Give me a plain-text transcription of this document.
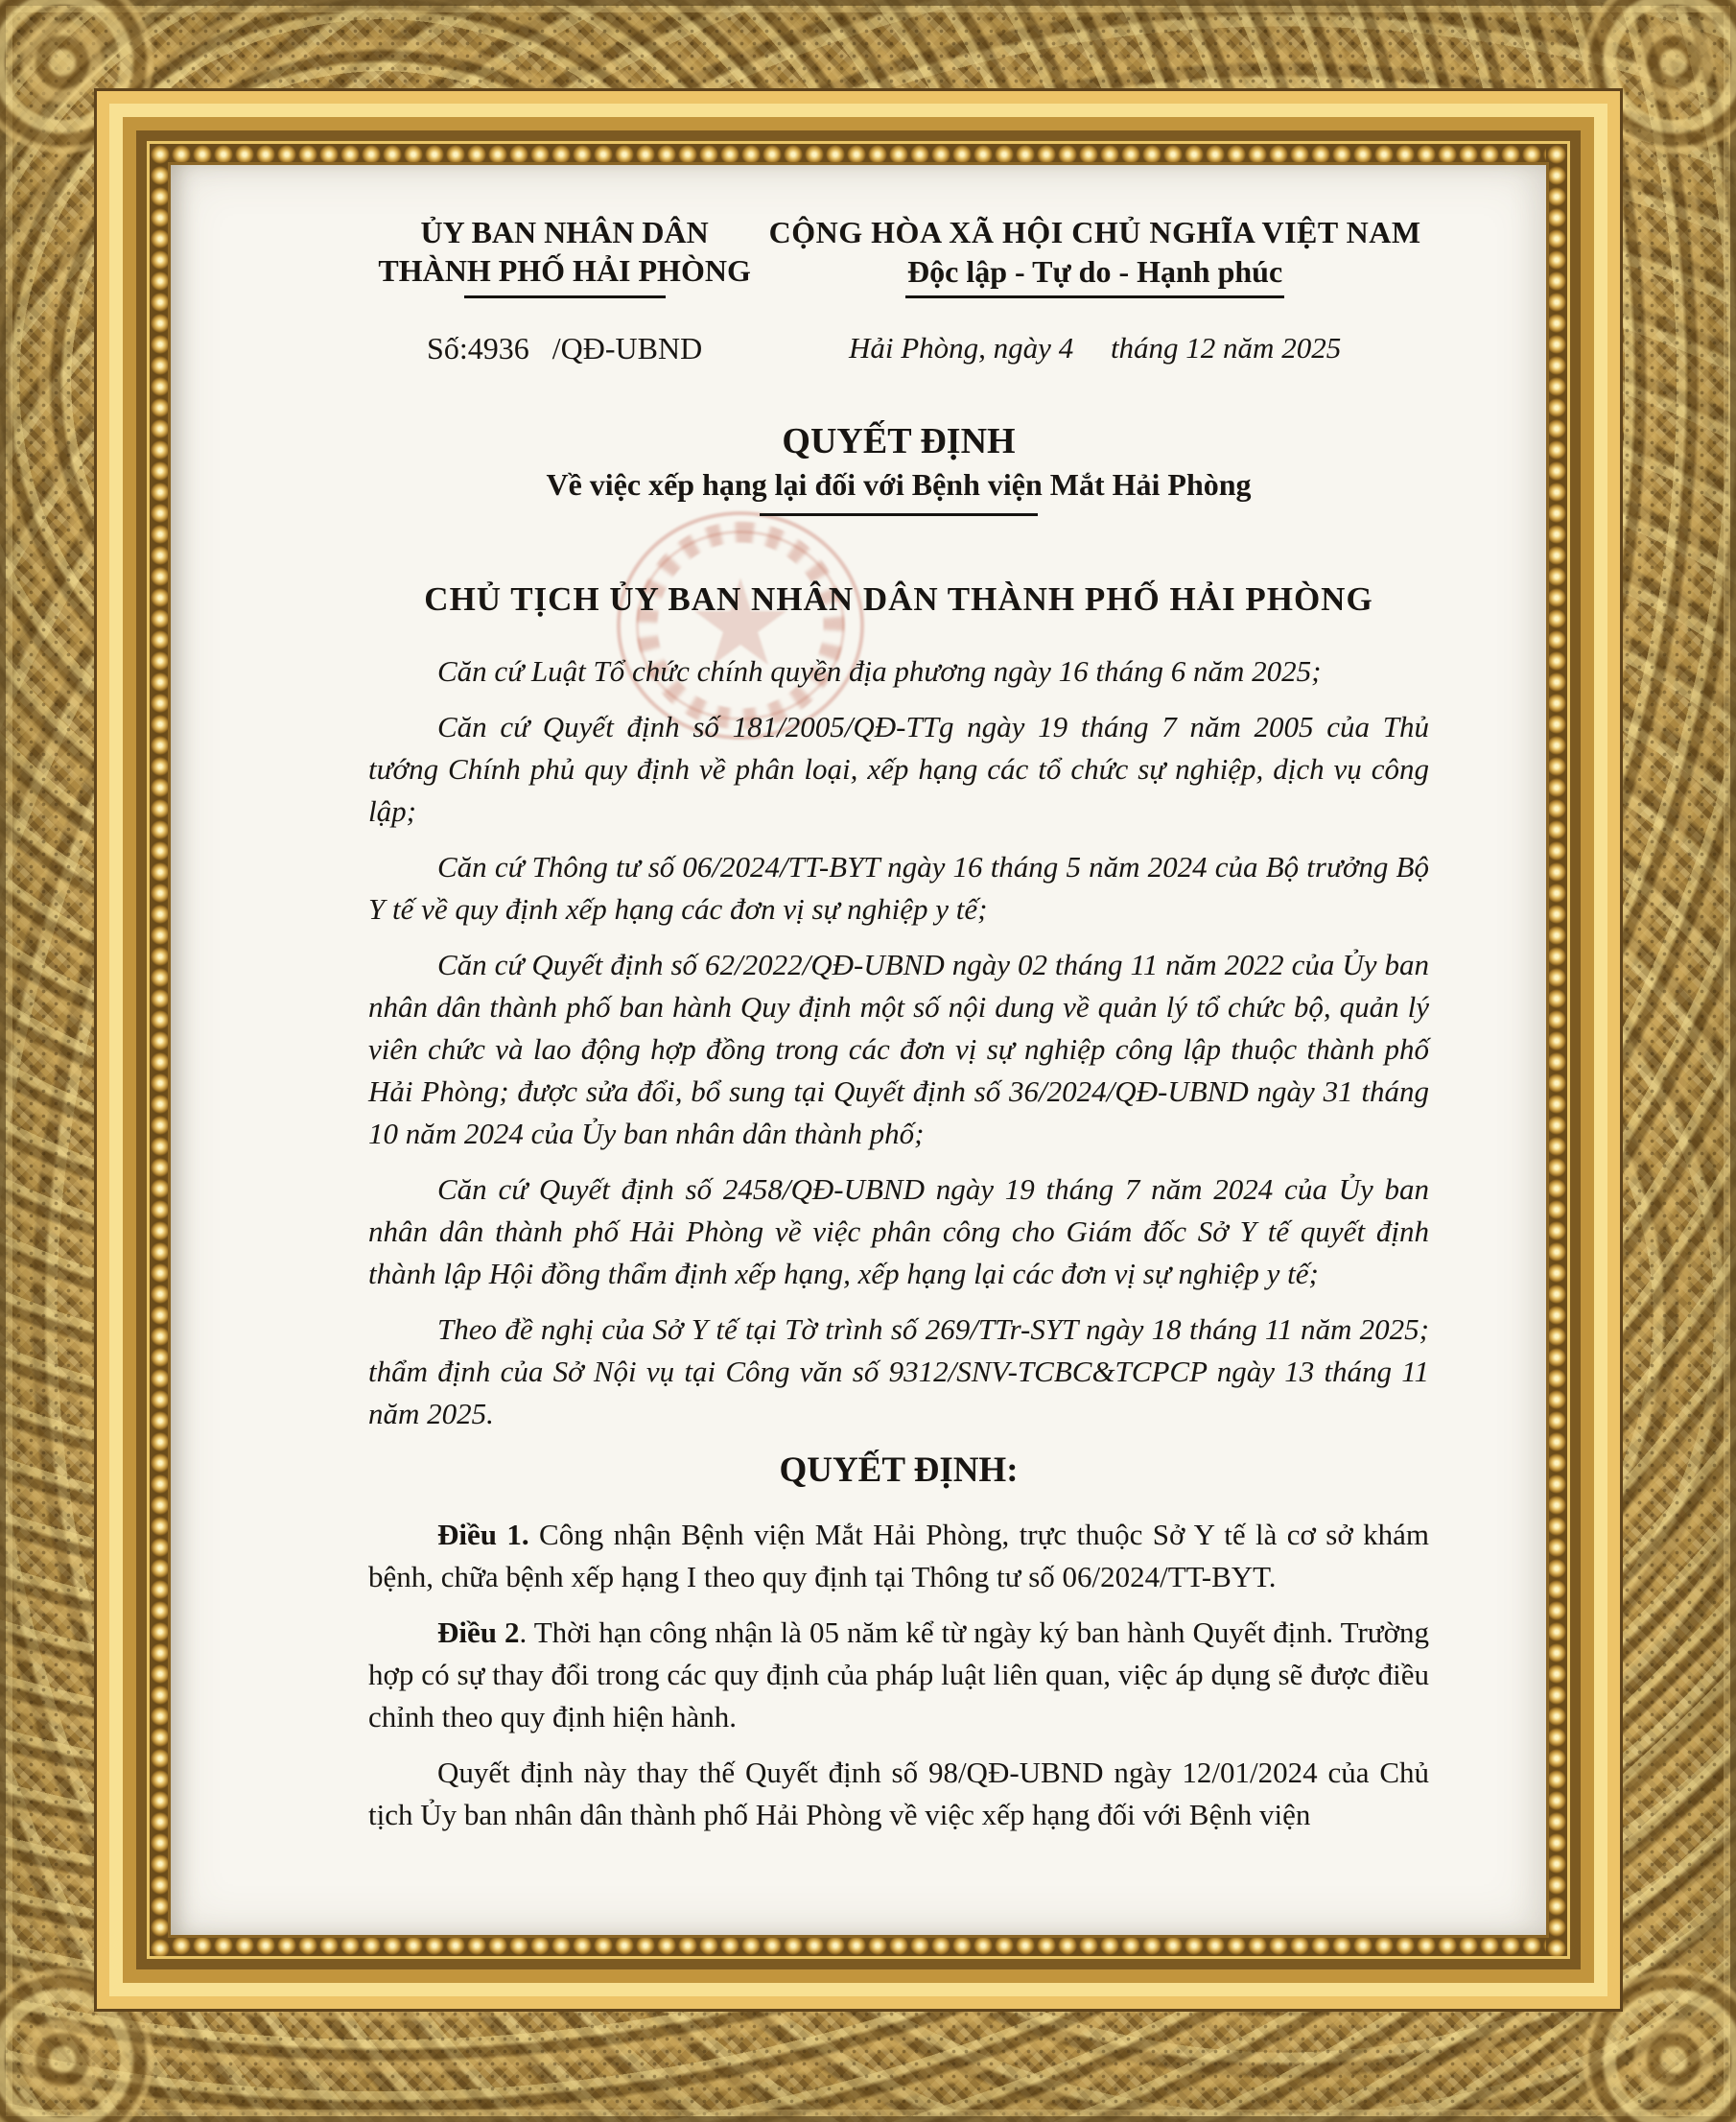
ỦY BAN NHÂN DÂN
THÀNH PHỐ HẢI PHÒNG
CỘNG HÒA XÃ HỘI CHỦ NGHĨA VIỆT NAM
Độc lập - Tự do - Hạnh phúc
Số:4936   /QĐ-UBND	Hải Phòng, ngày 4     tháng 12 năm 2025
QUYẾT ĐỊNH
Về việc xếp hạng lại đối với Bệnh viện Mắt Hải Phòng
CHỦ TỊCH ỦY BAN NHÂN DÂN THÀNH PHỐ HẢI PHÒNG

Căn cứ Luật Tổ chức chính quyền địa phương ngày 16 tháng 6 năm 2025;

Căn cứ Quyết định số 181/2005/QĐ-TTg ngày 19 tháng 7 năm 2005 của Thủ tướng Chính phủ quy định về phân loại, xếp hạng các tổ chức sự nghiệp, dịch vụ công lập;

Căn cứ Thông tư số 06/2024/TT-BYT ngày 16 tháng 5 năm 2024 của Bộ trưởng Bộ Y tế về quy định xếp hạng các đơn vị sự nghiệp y tế;

Căn cứ Quyết định số 62/2022/QĐ-UBND ngày 02 tháng 11 năm 2022 của Ủy ban nhân dân thành phố ban hành Quy định một số nội dung về quản lý tổ chức bộ, quản lý viên chức và lao động hợp đồng trong các đơn vị sự nghiệp công lập thuộc thành phố Hải Phòng; được sửa đổi, bổ sung tại Quyết định số 36/2024/QĐ-UBND ngày 31 tháng 10 năm 2024 của Ủy ban nhân dân thành phố;

Căn cứ Quyết định số 2458/QĐ-UBND ngày 19 tháng 7 năm 2024 của Ủy ban nhân dân thành phố Hải Phòng về việc phân công cho Giám đốc Sở Y tế quyết định thành lập Hội đồng thẩm định xếp hạng, xếp hạng lại các đơn vị sự nghiệp y tế;

Theo đề nghị của Sở Y tế tại Tờ trình số 269/TTr-SYT ngày 18 tháng 11 năm 2025; thẩm định của Sở Nội vụ tại Công văn số 9312/SNV-TCBC&TCPCP ngày 13 tháng 11 năm 2025.

QUYẾT ĐỊNH:

Điều 1. Công nhận Bệnh viện Mắt Hải Phòng, trực thuộc Sở Y tế là cơ sở khám bệnh, chữa bệnh xếp hạng I theo quy định tại Thông tư số 06/2024/TT-BYT.

Điều 2. Thời hạn công nhận là 05 năm kể từ ngày ký ban hành Quyết định. Trường hợp có sự thay đổi trong các quy định của pháp luật liên quan, việc áp dụng sẽ được điều chỉnh theo quy định hiện hành.

Quyết định này thay thế Quyết định số 98/QĐ-UBND ngày 12/01/2024 của Chủ tịch Ủy ban nhân dân thành phố Hải Phòng về việc xếp hạng đối với Bệnh viện
